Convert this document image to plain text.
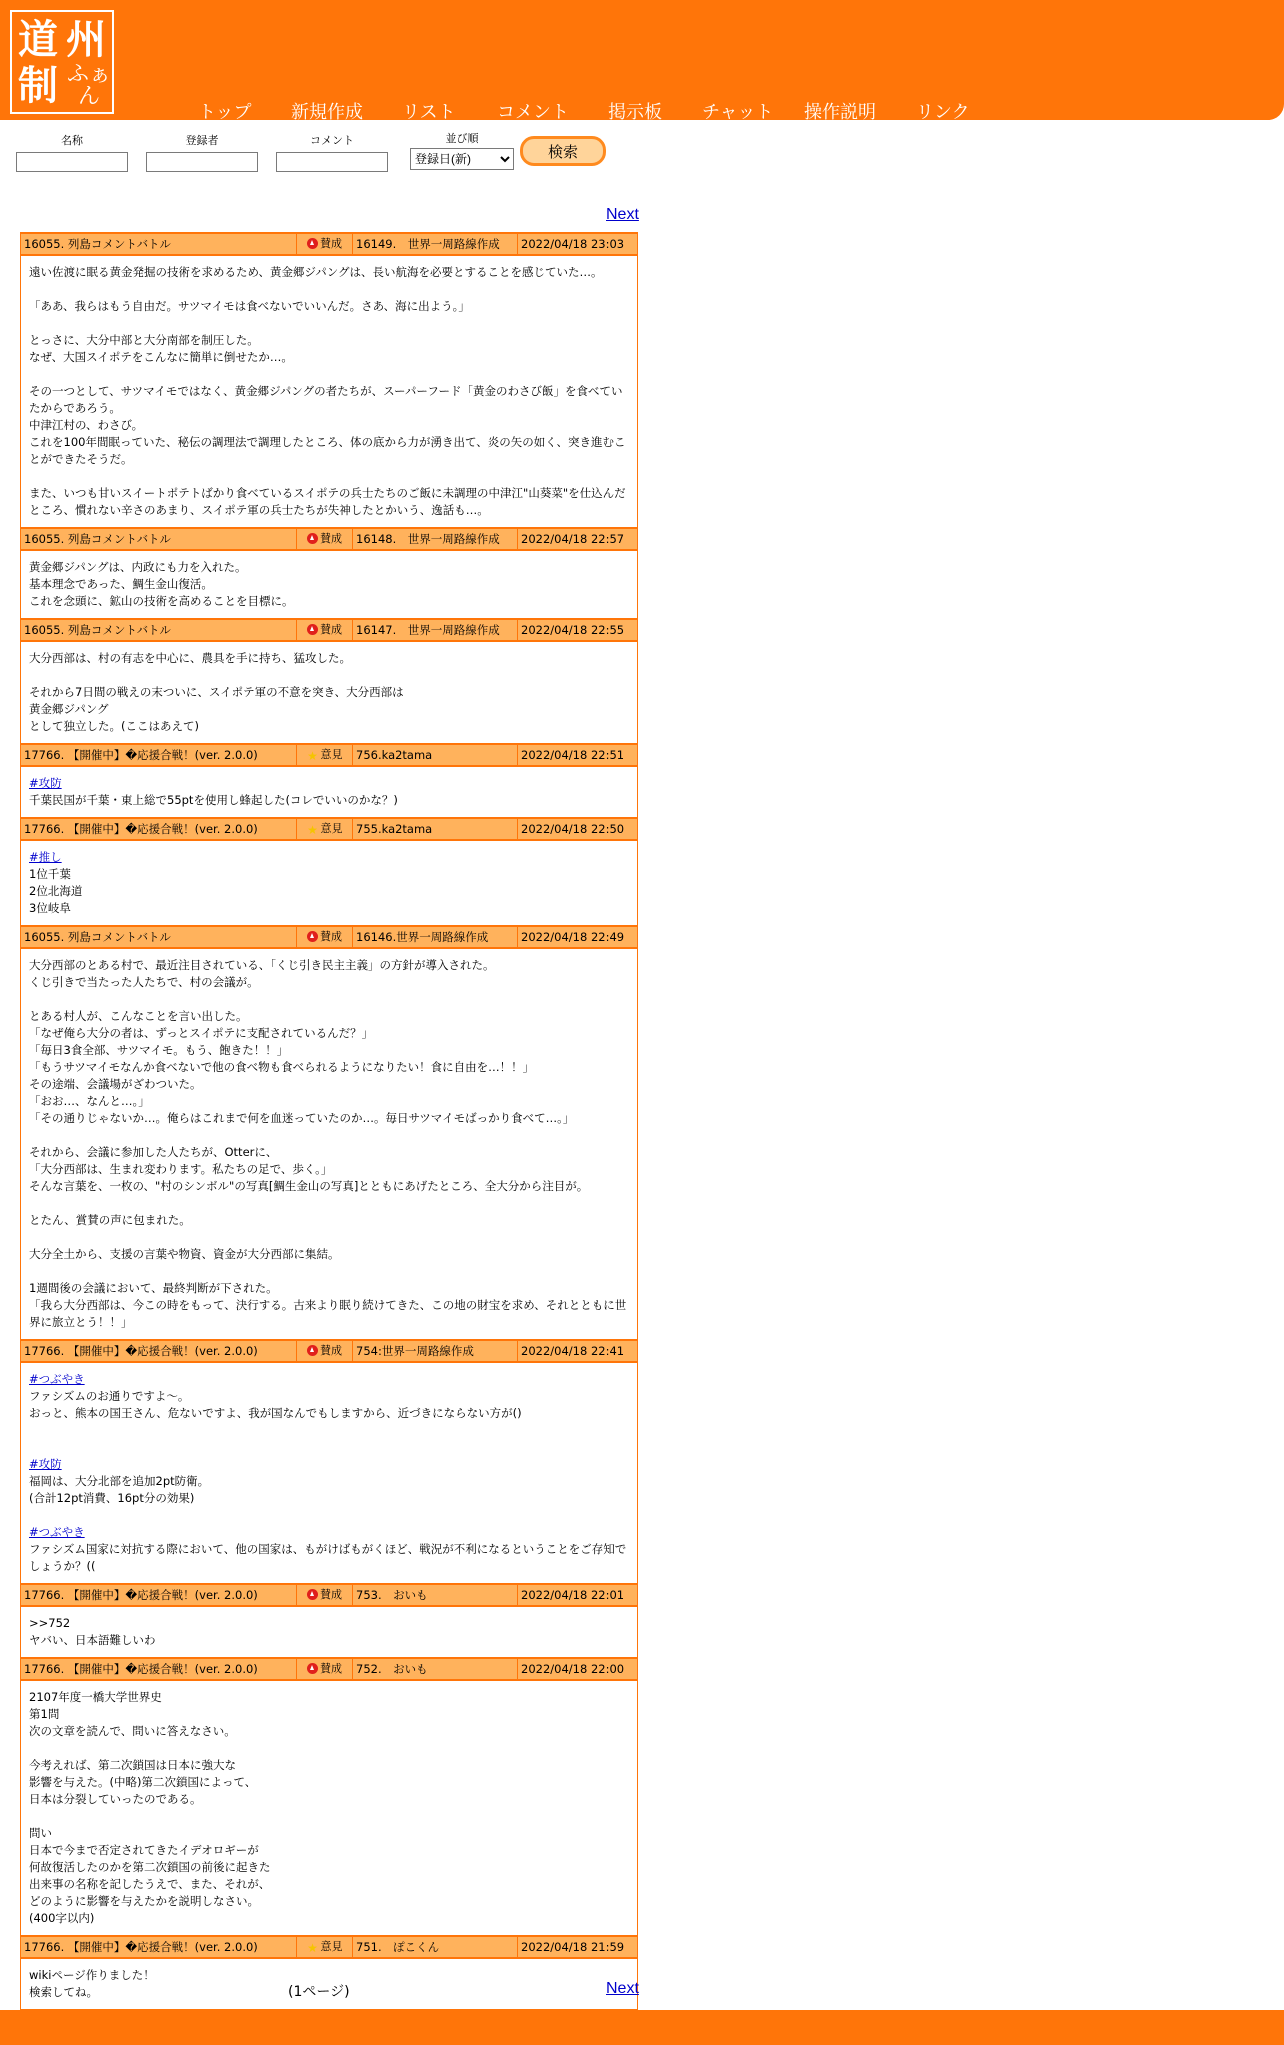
道 州
制 ふぁん
トップ 新規作成 リスト コメント 掲示板 チャット 操作説明 リンク
名称	登録者	コメント	並び順
登録日(新)
検索
Next
16055. 列島コメントバトル	賛成	16149.　世界一周路線作成	2022/04/18 23:03

遠い佐渡に眠る黄金発掘の技術を求めるため、黄金郷ジパングは、長い航海を必要とすることを感じていた…。

「ああ、我らはもう自由だ。サツマイモは食べないでいいんだ。さあ、海に出よう。」

とっさに、大分中部と大分南部を制圧した。

なぜ、大国スイポテをこんなに簡単に倒せたか…。

その一つとして、サツマイモではなく、黄金郷ジパングの者たちが、スーパーフード「黄金のわさび飯」を食べていたからであろう。

中津江村の、わさび。

これを100年間眠っていた、秘伝の調理法で調理したところ、体の底から力が湧き出て、炎の矢の如く、突き進むことができたそうだ。

また、いつも甘いスイートポテトばかり食べているスイポテの兵士たちのご飯に未調理の中津江"山葵菜"を仕込んだところ、慣れない辛さのあまり、スイポテ軍の兵士たちが失神したとかいう、逸話も…。

16055. 列島コメントバトル	賛成	16148.　世界一周路線作成	2022/04/18 22:57

黄金郷ジパングは、内政にも力を入れた。

基本理念であった、鯛生金山復活。

これを念頭に、鉱山の技術を高めることを目標に。

16055. 列島コメントバトル	賛成	16147.　世界一周路線作成	2022/04/18 22:55

大分西部は、村の有志を中心に、農具を手に持ち、猛攻した。

それから7日間の戦えの末ついに、スイポテ軍の不意を突き、大分西部は

黄金郷ジパング

として独立した。(ここはあえて)

17766. 【開催中】�応援合戦！(ver. 2.0.0)	★ 意見	756.ka2tama	2022/04/18 22:51

#攻防

千葉民国が千葉・東上総で55ptを使用し蜂起した(コレでいいのかな？)

17766. 【開催中】�応援合戦！(ver. 2.0.0)	★ 意見	755.ka2tama	2022/04/18 22:50

#推し

1位千葉

2位北海道

3位岐阜

16055. 列島コメントバトル	賛成	16146.世界一周路線作成	2022/04/18 22:49

大分西部のとある村で、最近注目されている、「くじ引き民主主義」の方針が導入された。

くじ引きで当たった人たちで、村の会議が。

とある村人が、こんなことを言い出した。

「なぜ俺ら大分の者は、ずっとスイポテに支配されているんだ？」

「毎日3食全部、サツマイモ。もう、飽きた！！」

「もうサツマイモなんか食べないで他の食べ物も食べられるようになりたい！食に自由を…！！」

その途端、会議場がざわついた。

「おお…、なんと…。」

「その通りじゃないか…。俺らはこれまで何を血迷っていたのか…。毎日サツマイモばっかり食べて…。」

それから、会議に参加した人たちが、Otterに、

「大分西部は、生まれ変わります。私たちの足で、歩く。」

そんな言葉を、一枚の、"村のシンボル"の写真[鯛生金山の写真]とともにあげたところ、全大分から注目が。

とたん、賞賛の声に包まれた。

大分全土から、支援の言葉や物資、資金が大分西部に集結。

1週間後の会議において、最終判断が下された。

「我ら大分西部は、今この時をもって、決行する。古来より眠り続けてきた、この地の財宝を求め、それとともに世界に旅立とう！！」

17766. 【開催中】�応援合戦！(ver. 2.0.0)	賛成	754:世界一周路線作成	2022/04/18 22:41

#つぶやき

ファシズムのお通りですよ〜。

おっと、熊本の国王さん、危ないですよ、我が国なんでもしますから、近づきにならない方が()

#攻防

福岡は、大分北部を追加2pt防衛。

(合計12pt消費、16pt分の効果)

#つぶやき

ファシズム国家に対抗する際において、他の国家は、もがけばもがくほど、戦況が不利になるということをご存知でしょうか？((

17766. 【開催中】�応援合戦！(ver. 2.0.0)	賛成	753.　おいも	2022/04/18 22:01

>>752

ヤバい、日本語難しいわ

17766. 【開催中】�応援合戦！(ver. 2.0.0)	賛成	752.　おいも	2022/04/18 22:00

2107年度一橋大学世界史

第1問

次の文章を読んで、問いに答えなさい。

今考えれば、第二次鎖国は日本に強大な

影響を与えた。(中略)第二次鎖国によって、

日本は分裂していったのである。

問い

日本で今まで否定されてきたイデオロギーが

何故復活したのかを第二次鎖国の前後に起きた

出来事の名称を記したうえで、また、それが、

どのように影響を与えたかを説明しなさい。

(400字以内)

17766. 【開催中】�応援合戦！(ver. 2.0.0)	★ 意見	751.　ぽこくん	2022/04/18 21:59

wikiページ作りました！

検索してね。	(1ページ)	Next
